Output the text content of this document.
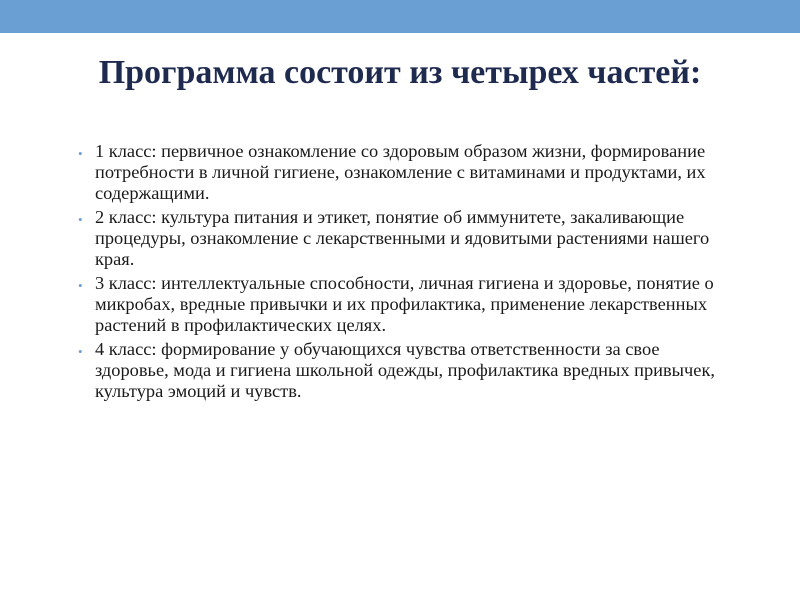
Программа состоит из четырех частей:
• 1 класс: первичное ознакомление со здоровым образом жизни, формирование потребности в личной гигиене, ознакомление с витаминами и продуктами, их содержащими.
• 2 класс: культура питания и этикет, понятие об иммунитете, закаливающие процедуры, ознакомление с лекарственными и ядовитыми растениями нашего края.
• 3 класс: интеллектуальные способности, личная гигиена и здоровье, понятие о микробах, вредные привычки и их профилактика, применение лекарственных растений в профилактических целях.
• 4 класс: формирование у обучающихся чувства ответственности за свое здоровье, мода и гигиена школьной одежды, профилактика вредных привычек, культура эмоций и чувств.
